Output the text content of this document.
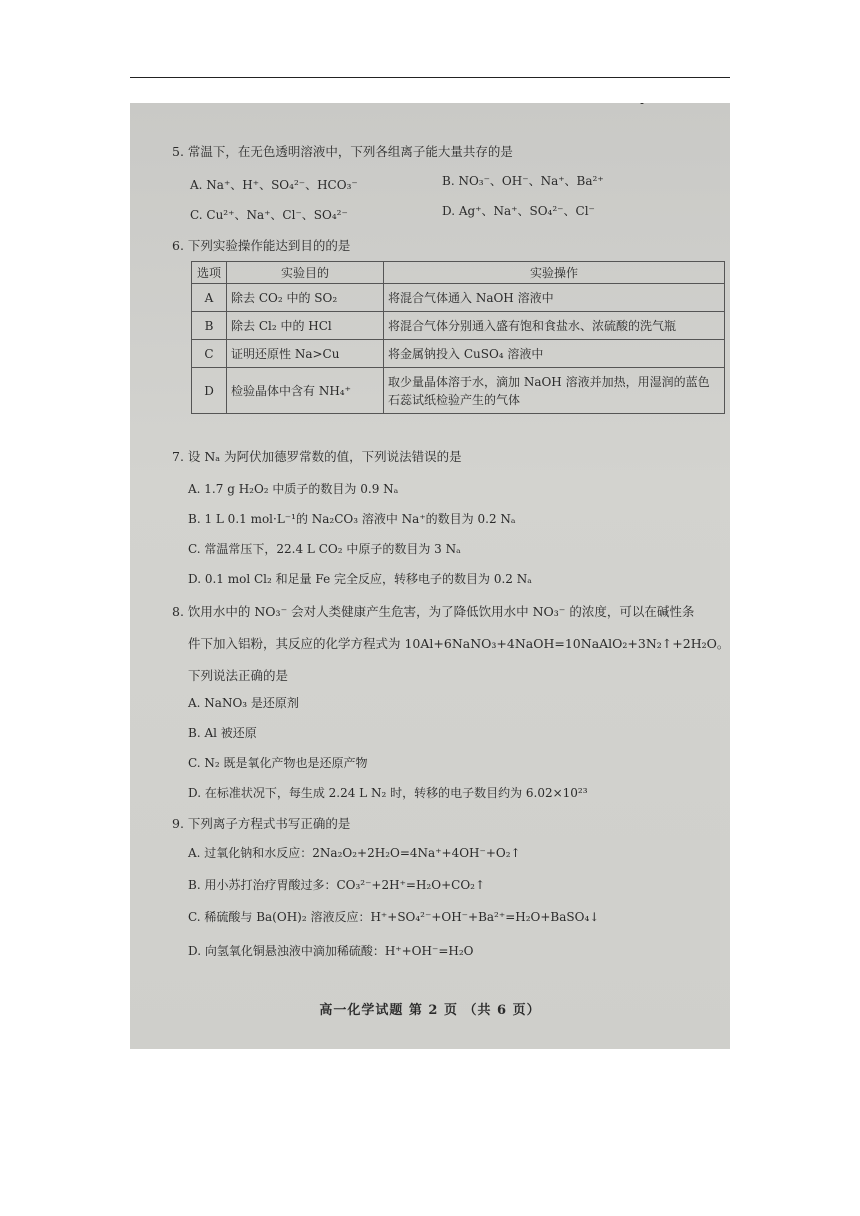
5. 常温下，在无色透明溶液中，下列各组离子能大量共存的是
A. Na⁺、H⁺、SO₄²⁻、HCO₃⁻	B. NO₃⁻、OH⁻、Na⁺、Ba²⁺
C. Cu²⁺、Na⁺、Cl⁻、SO₄²⁻	D. Ag⁺、Na⁺、SO₄²⁻、Cl⁻
6. 下列实验操作能达到目的的是
选项	实验目的	实验操作
A	除去 CO₂ 中的 SO₂	将混合气体通入 NaOH 溶液中
B	除去 Cl₂ 中的 HCl	将混合气体分别通入盛有饱和食盐水、浓硫酸的洗气瓶
C	证明还原性 Na>Cu	将金属钠投入 CuSO₄ 溶液中
D	检验晶体中含有 NH₄⁺	取少量晶体溶于水，滴加 NaOH 溶液并加热，用湿润的蓝色石蕊试纸检验产生的气体
7. 设 Nₐ 为阿伏加德罗常数的值，下列说法错误的是
A. 1.7 g H₂O₂ 中质子的数目为 0.9 Nₐ
B. 1 L 0.1 mol·L⁻¹的 Na₂CO₃ 溶液中 Na⁺的数目为 0.2 Nₐ
C. 常温常压下，22.4 L CO₂ 中原子的数目为 3 Nₐ
D. 0.1 mol Cl₂ 和足量 Fe 完全反应，转移电子的数目为 0.2 Nₐ
8. 饮用水中的 NO₃⁻ 会对人类健康产生危害，为了降低饮用水中 NO₃⁻ 的浓度，可以在碱性条
件下加入铝粉，其反应的化学方程式为 10Al+6NaNO₃+4NaOH=10NaAlO₂+3N₂↑+2H₂O。
下列说法正确的是
A. NaNO₃ 是还原剂
B. Al 被还原
C. N₂ 既是氧化产物也是还原产物
D. 在标准状况下，每生成 2.24 L N₂ 时，转移的电子数目约为 6.02×10²³
9. 下列离子方程式书写正确的是
A. 过氧化钠和水反应：2Na₂O₂+2H₂O=4Na⁺+4OH⁻+O₂↑
B. 用小苏打治疗胃酸过多：CO₃²⁻+2H⁺=H₂O+CO₂↑
C. 稀硫酸与 Ba(OH)₂ 溶液反应：H⁺+SO₄²⁻+OH⁻+Ba²⁺=H₂O+BaSO₄↓
D. 向氢氧化铜悬浊液中滴加稀硫酸：H⁺+OH⁻=H₂O
高一化学试题 第 2 页 （共 6 页）
